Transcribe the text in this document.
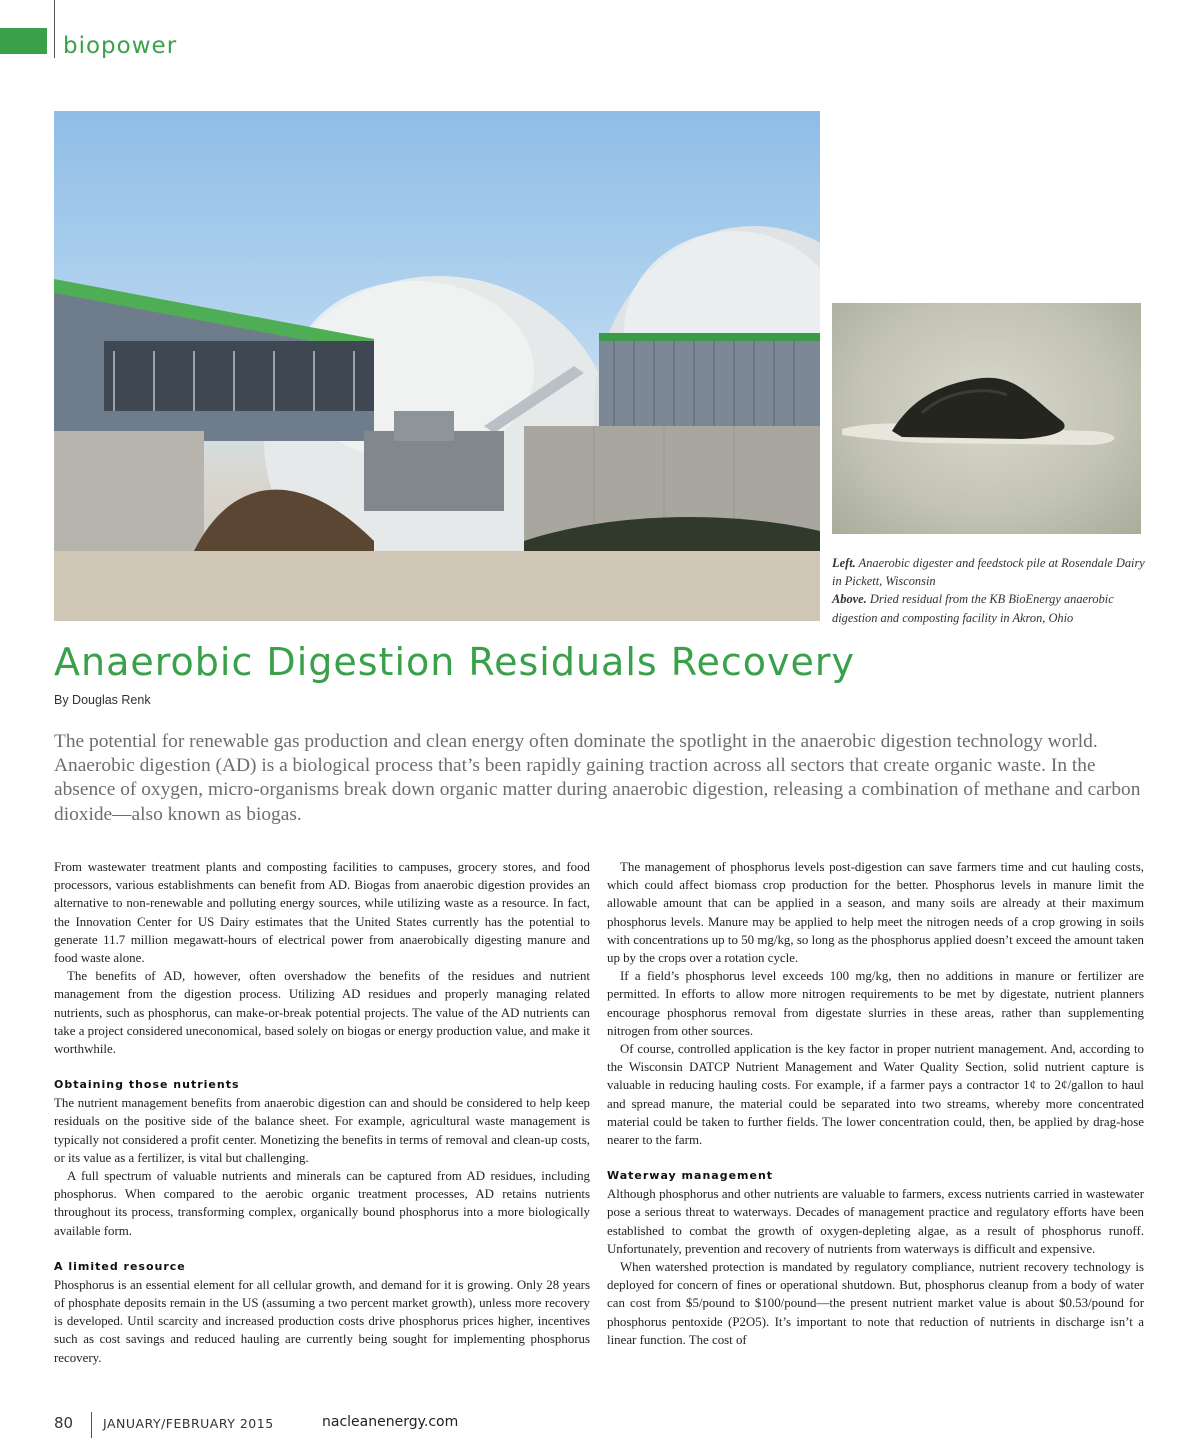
biopower
Left. Anaerobic digester and feedstock pile at Rosendale Dairy in Pickett, Wisconsin
Above. Dried residual from the KB BioEnergy anaerobic digestion and composting facility in Akron, Ohio
Anaerobic Digestion Residuals Recovery
By Douglas Renk

The potential for renewable gas production and clean energy often dominate the spotlight in the anaerobic digestion technology world. Anaerobic digestion (AD) is a biological process that’s been rapidly gaining traction across all sectors that create organic waste. In the absence of oxygen, micro-organisms break down organic matter during anaerobic digestion, releasing a combination of methane and carbon dioxide—also known as biogas.

From wastewater treatment plants and composting facilities to campuses, grocery stores, and food processors, various establishments can benefit from AD. Biogas from anaerobic digestion provides an alternative to non-renewable and polluting energy sources, while utilizing waste as a resource. In fact, the Innovation Center for US Dairy estimates that the United States currently has the potential to generate 11.7 million megawatt-hours of electrical power from anaerobically digesting manure and food waste alone.

The benefits of AD, however, often overshadow the benefits of the residues and nutrient management from the digestion process. Utilizing AD residues and properly managing related nutrients, such as phosphorus, can make-or-break potential projects. The value of the AD nutrients can take a project considered uneconomical, based solely on biogas or energy production value, and make it worthwhile.

Obtaining those nutrients

The nutrient management benefits from anaerobic digestion can and should be considered to help keep residuals on the positive side of the balance sheet. For example, agricultural waste management is typically not considered a profit center. Monetizing the benefits in terms of removal and clean-up costs, or its value as a fertilizer, is vital but challenging.

A full spectrum of valuable nutrients and minerals can be captured from AD residues, including phosphorus. When compared to the aerobic organic treatment processes, AD retains nutrients throughout its process, transforming complex, organically bound phosphorus into a more biologically available form.

A limited resource

Phosphorus is an essential element for all cellular growth, and demand for it is growing. Only 28 years of phosphate deposits remain in the US (assuming a two percent market growth), unless more recovery is developed. Until scarcity and increased production costs drive phosphorus prices higher, incentives such as cost savings and reduced hauling are currently being sought for implementing phosphorus recovery.

The management of phosphorus levels post-digestion can save farmers time and cut hauling costs, which could affect biomass crop production for the better. Phosphorus levels in manure limit the allowable amount that can be applied in a season, and many soils are already at their maximum phosphorus levels. Manure may be applied to help meet the nitrogen needs of a crop growing in soils with concentrations up to 50 mg/kg, so long as the phosphorus applied doesn’t exceed the amount taken up by the crops over a rotation cycle.

If a field’s phosphorus level exceeds 100 mg/kg, then no additions in manure or fertilizer are permitted. In efforts to allow more nitrogen requirements to be met by digestate, nutrient planners encourage phosphorus removal from digestate slurries in these areas, rather than supplementing nitrogen from other sources.

Of course, controlled application is the key factor in proper nutrient management. And, according to the Wisconsin DATCP Nutrient Management and Water Quality Section, solid nutrient capture is valuable in reducing hauling costs. For example, if a farmer pays a contractor 1¢ to 2¢/gallon to haul and spread manure, the material could be separated into two streams, whereby more concentrated material could be taken to further fields. The lower concentration could, then, be applied by drag-hose nearer to the farm.

Waterway management

Although phosphorus and other nutrients are valuable to farmers, excess nutrients carried in wastewater pose a serious threat to waterways. Decades of management practice and regulatory efforts have been established to combat the growth of oxygen-depleting algae, as a result of phosphorus runoff. Unfortunately, prevention and recovery of nutrients from waterways is difficult and expensive.

When watershed protection is mandated by regulatory compliance, nutrient recovery technology is deployed for concern of fines or operational shutdown. But, phosphorus cleanup from a body of water can cost from $5/pound to $100/pound—the present nutrient market value is about $0.53/pound for phosphorus pentoxide (P2O5). It’s important to note that reduction of nutrients in discharge isn’t a linear function. The cost of

80 JANUARY/FEBRUARY 2015	nacleanenergy.com
